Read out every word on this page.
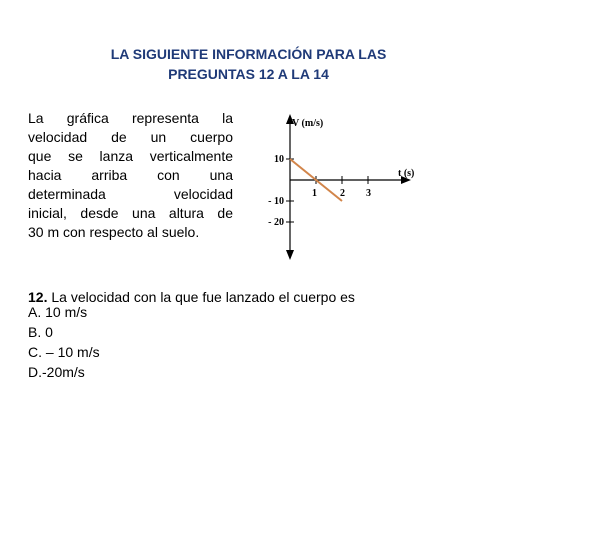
LA SIGUIENTE INFORMACIÓN PARA LAS
PREGUNTAS 12 A LA 14
La gráfica representa la
velocidad de un cuerpo
que se lanza verticalmente
hacia arriba con una
determinada velocidad
inicial, desde una altura de
30 m con respecto al suelo.
1 2 3
10
- 10
- 20
V (m/s)
t (s)
12. La velocidad con la que fue lanzado el cuerpo es
A. 10 m/s
B. 0
C. – 10 m/s
D.-20m/s
